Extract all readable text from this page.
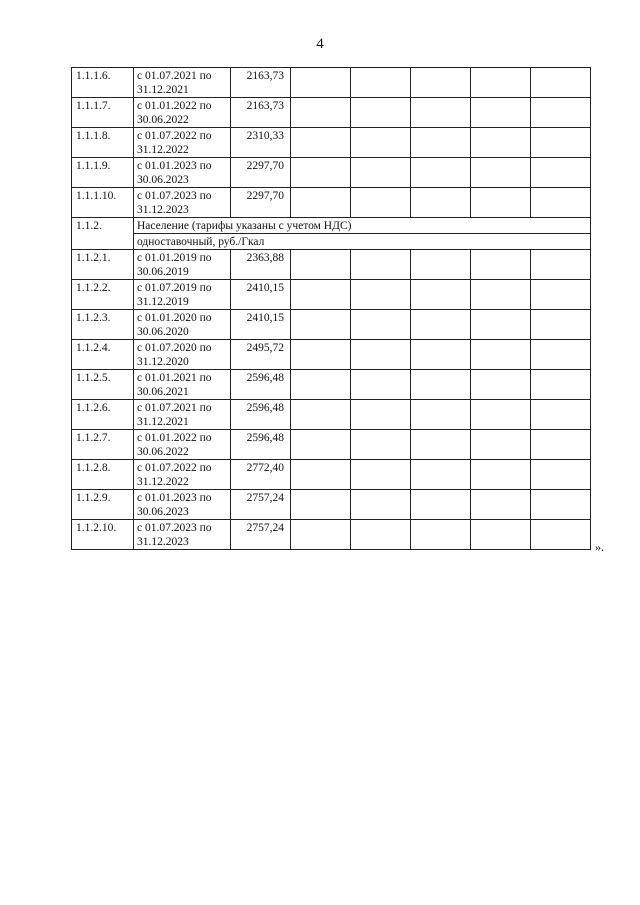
4
1.1.1.6.	с 01.07.2021 по 31.12.2021	2163,73					
1.1.1.7.	с 01.01.2022 по 30.06.2022	2163,73					
1.1.1.8.	с 01.07.2022 по 31.12.2022	2310,33					
1.1.1.9.	с 01.01.2023 по 30.06.2023	2297,70					
1.1.1.10.	с 01.07.2023 по 31.12.2023	2297,70					
1.1.2.	Население (тарифы указаны с учетом НДС)						
	одноставочный, руб./Гкал						
1.1.2.1.	с 01.01.2019 по 30.06.2019	2363,88					
1.1.2.2.	с 01.07.2019 по 31.12.2019	2410,15					
1.1.2.3.	с 01.01.2020 по 30.06.2020	2410,15					
1.1.2.4.	с 01.07.2020 по 31.12.2020	2495,72					
1.1.2.5.	с 01.01.2021 по 30.06.2021	2596,48					
1.1.2.6.	с 01.07.2021 по 31.12.2021	2596,48					
1.1.2.7.	с 01.01.2022 по 30.06.2022	2596,48					
1.1.2.8.	с 01.07.2022 по 31.12.2022	2772,40					
1.1.2.9.	с 01.01.2023 по 30.06.2023	2757,24					
1.1.2.10.	с 01.07.2023 по 31.12.2023	2757,24					
».
